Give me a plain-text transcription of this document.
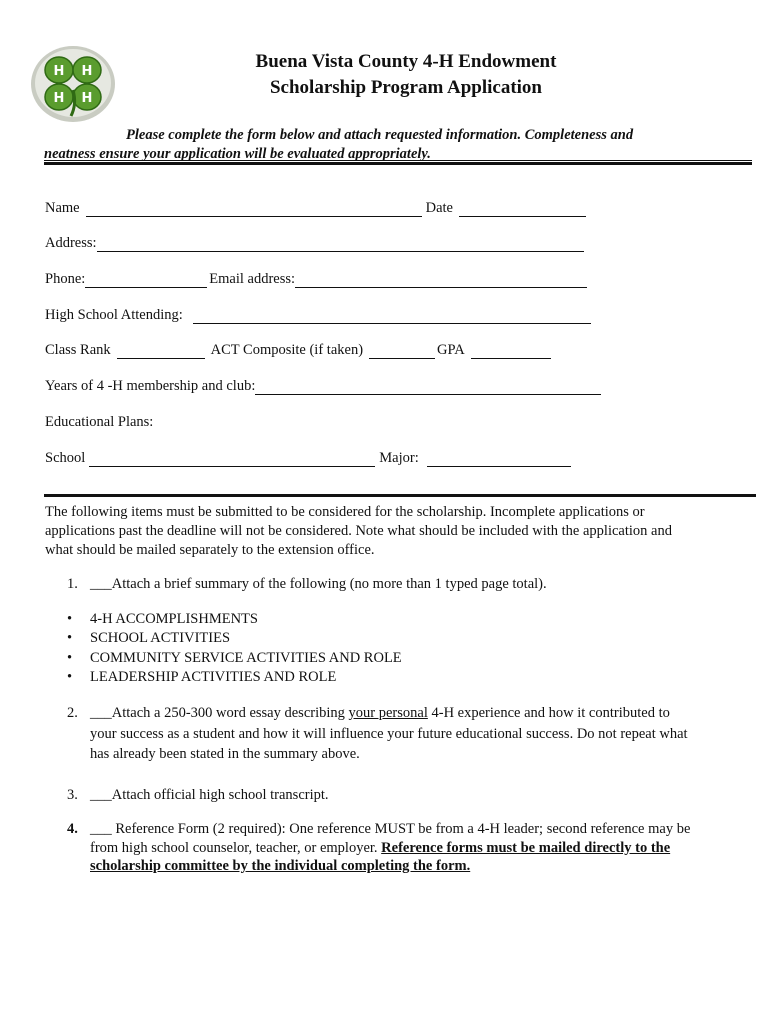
H H
H H
Buena Vista County 4-H Endowment
Scholarship Program Application
Please complete the form below and attach requested information. Completeness and
neatness ensure your application will be evaluated appropriately.
Name	Date
Address:
Phone:	Email address:
High School Attending:
Class Rank	ACT Composite (if taken)	GPA
Years of 4 -H membership and club:
Educational Plans:
School	Major:
The following items must be submitted to be considered for the scholarship. Incomplete applications or
applications past the deadline will not be considered. Note what should be included with the application and
what should be mailed separately to the extension office.
1. ___Attach a brief summary of the following (no more than 1 typed page total).
• 4-H ACCOMPLISHMENTS
• SCHOOL ACTIVITIES
• COMMUNITY SERVICE ACTIVITIES AND ROLE
• LEADERSHIP ACTIVITIES AND ROLE
2. ___Attach a 250-300 word essay describing your personal 4-H experience and how it contributed to
your success as a student and how it will influence your future educational success. Do not repeat what
has already been stated in the summary above.
3. ___Attach official high school transcript.
4. ___ Reference Form (2 required): One reference MUST be from a 4-H leader; second reference may be
from high school counselor, teacher, or employer. Reference forms must be mailed directly to the
scholarship committee by the individual completing the form.
